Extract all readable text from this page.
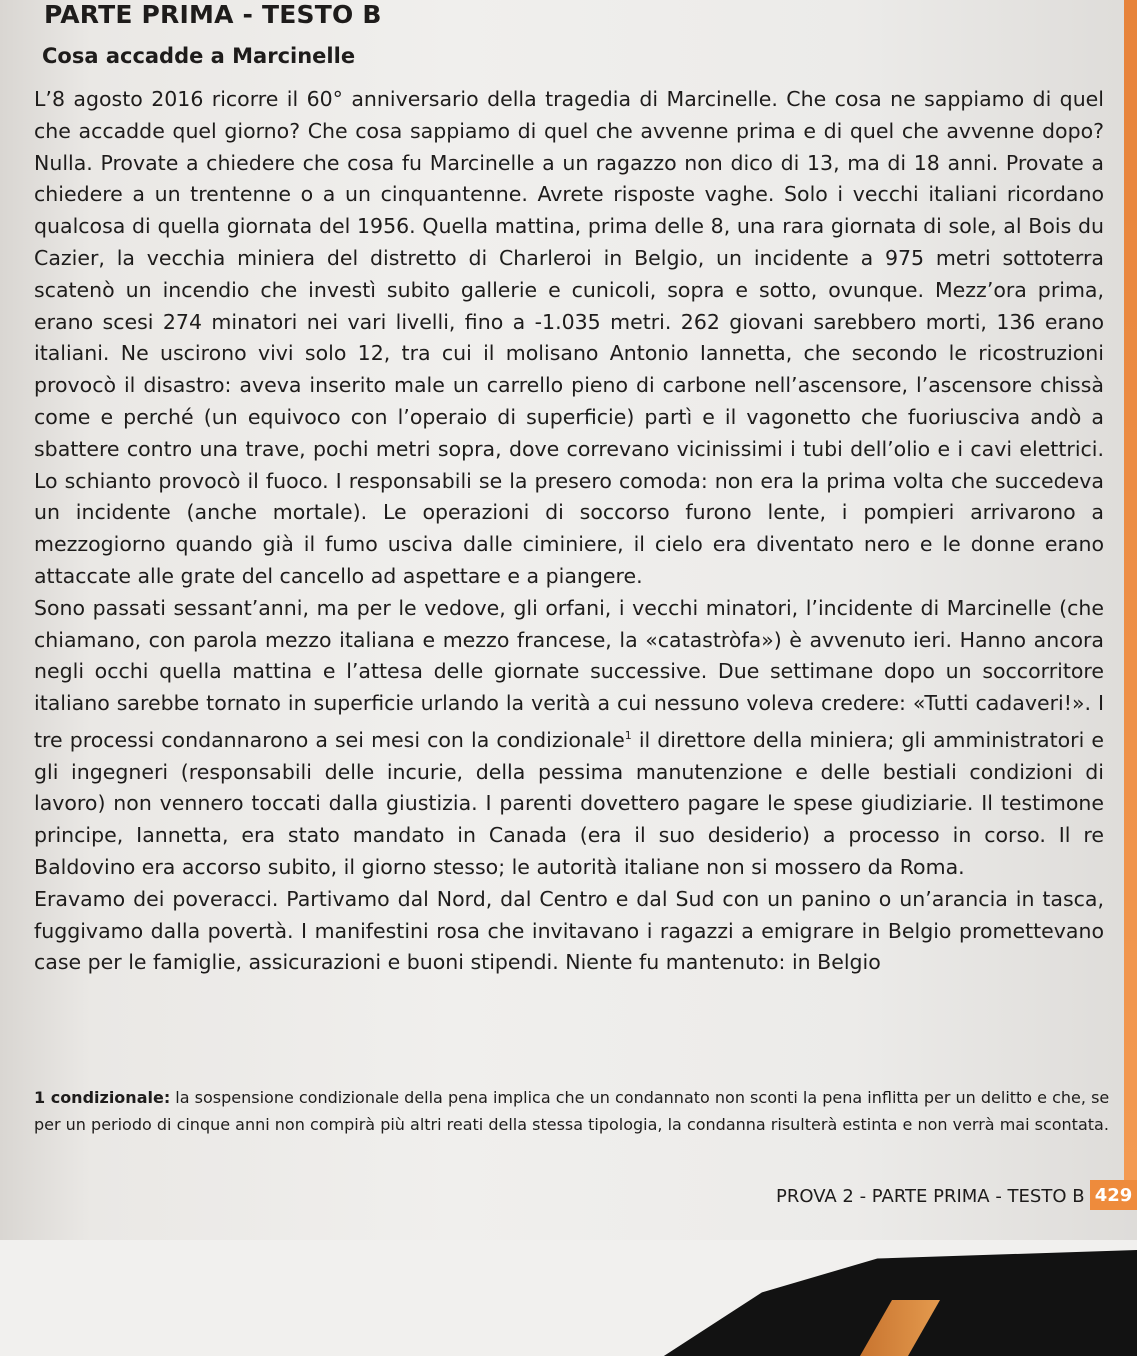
PARTE PRIMA - TESTO B
Cosa accadde a Marcinelle

L’8 agosto 2016 ricorre il 60° anniversario della tragedia di Marcinelle. Che cosa ne sappiamo di quel che accadde quel giorno? Che cosa sappiamo di quel che avvenne prima e di quel che avvenne dopo? Nulla. Provate a chiedere che cosa fu Marcinelle a un ragazzo non dico di 13, ma di 18 anni. Provate a chiedere a un trentenne o a un cinquantenne. Avrete risposte vaghe. Solo i vecchi italiani ricordano qualcosa di quella giornata del 1956. Quella mattina, prima delle 8, una rara giornata di sole, al Bois du Cazier, la vecchia miniera del distretto di Charleroi in Belgio, un incidente a 975 metri sottoterra scatenò un incendio che investì subito gallerie e cunicoli, sopra e sotto, ovunque. Mezz’ora prima, erano scesi 274 minatori nei vari livelli, fino a -1.035 metri. 262 giovani sarebbero morti, 136 erano italiani. Ne uscirono vivi solo 12, tra cui il molisano Antonio Iannetta, che secondo le ricostruzioni provocò il disastro: aveva inserito male un carrello pieno di carbone nell’ascensore, l’ascensore chissà come e perché (un equivoco con l’operaio di superficie) partì e il vagonetto che fuoriusciva andò a sbattere contro una trave, pochi metri sopra, dove correvano vicinissimi i tubi dell’olio e i cavi elettrici. Lo schianto provocò il fuoco. I responsabili se la presero comoda: non era la prima volta che succedeva un incidente (anche mortale). Le operazioni di soccorso furono lente, i pompieri arrivarono a mezzogiorno quando già il fumo usciva dalle ciminiere, il cielo era diventato nero e le donne erano attaccate alle grate del cancello ad aspettare e a piangere.

Sono passati sessant’anni, ma per le vedove, gli orfani, i vecchi minatori, l’incidente di Marcinelle (che chiamano, con parola mezzo italiana e mezzo francese, la «catastròfa») è avvenuto ieri. Hanno ancora negli occhi quella mattina e l’attesa delle giornate successive. Due settimane dopo un soccorritore italiano sarebbe tornato in superficie urlando la verità a cui nessuno voleva credere: «Tutti cadaveri!». I tre processi condannarono a sei mesi con la condizionale$^1$ il direttore della miniera; gli amministratori e gli ingegneri (responsabili delle incurie, della pessima manutenzione e delle bestiali condizioni di lavoro) non vennero toccati dalla giustizia. I parenti dovettero pagare le spese giudiziarie. Il testimone principe, Iannetta, era stato mandato in Canada (era il suo desiderio) a processo in corso. Il re Baldovino era accorso subito, il giorno stesso; le autorità italiane non si mossero da Roma.

Eravamo dei poveracci. Partivamo dal Nord, dal Centro e dal Sud con un panino o un’arancia in tasca, fuggivamo dalla povertà. I manifestini rosa che invitavano i ragazzi a emigrare in Belgio promettevano case per le famiglie, assicurazioni e buoni stipendi. Niente fu mantenuto: in Belgio

1 condizionale: la sospensione condizionale della pena implica che un condannato non sconti la pena inflitta per un delitto e che, se per un periodo di cinque anni non compirà più altri reati della stessa tipologia, la condanna risulterà estinta e non verrà mai scontata.
PROVA 2 - PARTE PRIMA - TESTO B 429
